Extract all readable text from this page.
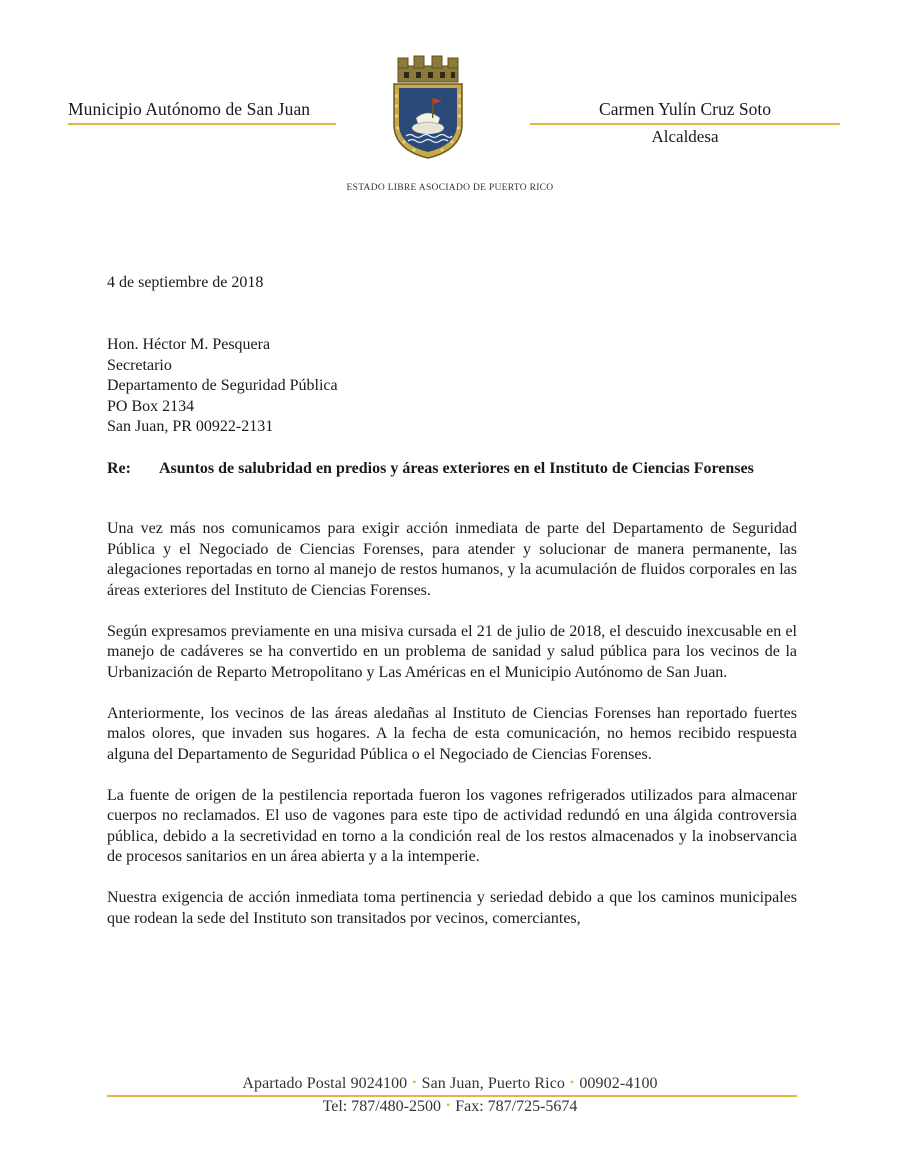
Municipio Autónomo de San Juan	Carmen Yulín Cruz Soto
Alcaldesa
ESTADO LIBRE ASOCIADO DE PUERTO RICO
4 de septiembre de 2018
Hon. Héctor M. Pesquera
Secretario
Departamento de Seguridad Pública
PO Box 2134
San Juan, PR 00922-2131
Re: Asuntos de salubridad en predios y áreas exteriores en el Instituto de Ciencias Forenses

Una vez más nos comunicamos para exigir acción inmediata de parte del Departamento de Seguridad Pública y el Negociado de Ciencias Forenses, para atender y solucionar de manera permanente, las alegaciones reportadas en torno al manejo de restos humanos, y la acumulación de fluidos corporales en las áreas exteriores del Instituto de Ciencias Forenses.

Según expresamos previamente en una misiva cursada el 21 de julio de 2018, el descuido inexcusable en el manejo de cadáveres se ha convertido en un problema de sanidad y salud pública para los vecinos de la Urbanización de Reparto Metropolitano y Las Américas en el Municipio Autónomo de San Juan.

Anteriormente, los vecinos de las áreas aledañas al Instituto de Ciencias Forenses han reportado fuertes malos olores, que invaden sus hogares. A la fecha de esta comunicación, no hemos recibido respuesta alguna del Departamento de Seguridad Pública o el Negociado de Ciencias Forenses.

La fuente de origen de la pestilencia reportada fueron los vagones refrigerados utilizados para almacenar cuerpos no reclamados. El uso de vagones para este tipo de actividad redundó en una álgida controversia pública, debido a la secretividad en torno a la condición real de los restos almacenados y la inobservancia de procesos sanitarios en un área abierta y a la intemperie.

Nuestra exigencia de acción inmediata toma pertinencia y seriedad debido a que los caminos municipales que rodean la sede del Instituto son transitados por vecinos, comerciantes,

Apartado Postal 9024100 • San Juan, Puerto Rico • 00902-4100
Tel: 787/480-2500 • Fax: 787/725-5674
